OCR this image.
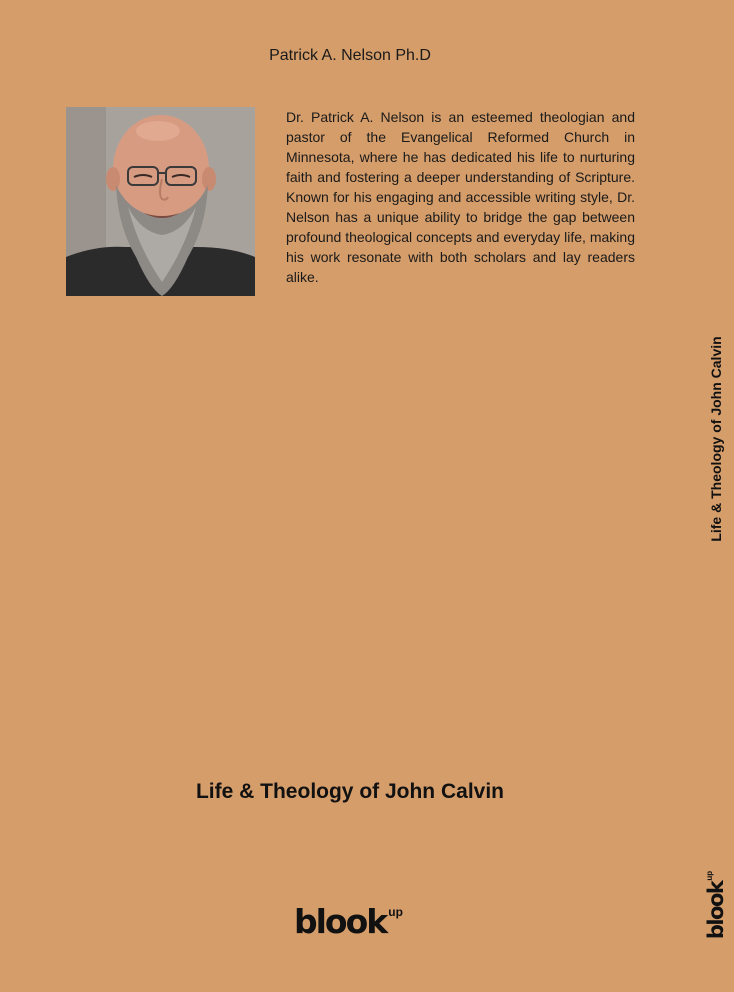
Patrick A. Nelson Ph.D
Dr. Patrick A. Nelson is an esteemed theologian and pastor of the Evangelical Reformed Church in Minnesota, where he has dedicated his life to nurturing faith and fostering a deeper understanding of Scripture. Known for his engaging and accessible writing style, Dr. Nelson has a unique ability to bridge the gap between profound theological concepts and everyday life, making his work resonate with both scholars and lay readers alike.
Life & Theology of John Calvin
Life & Theology of John Calvin
blook $^{up}$	blook$^{up}$
